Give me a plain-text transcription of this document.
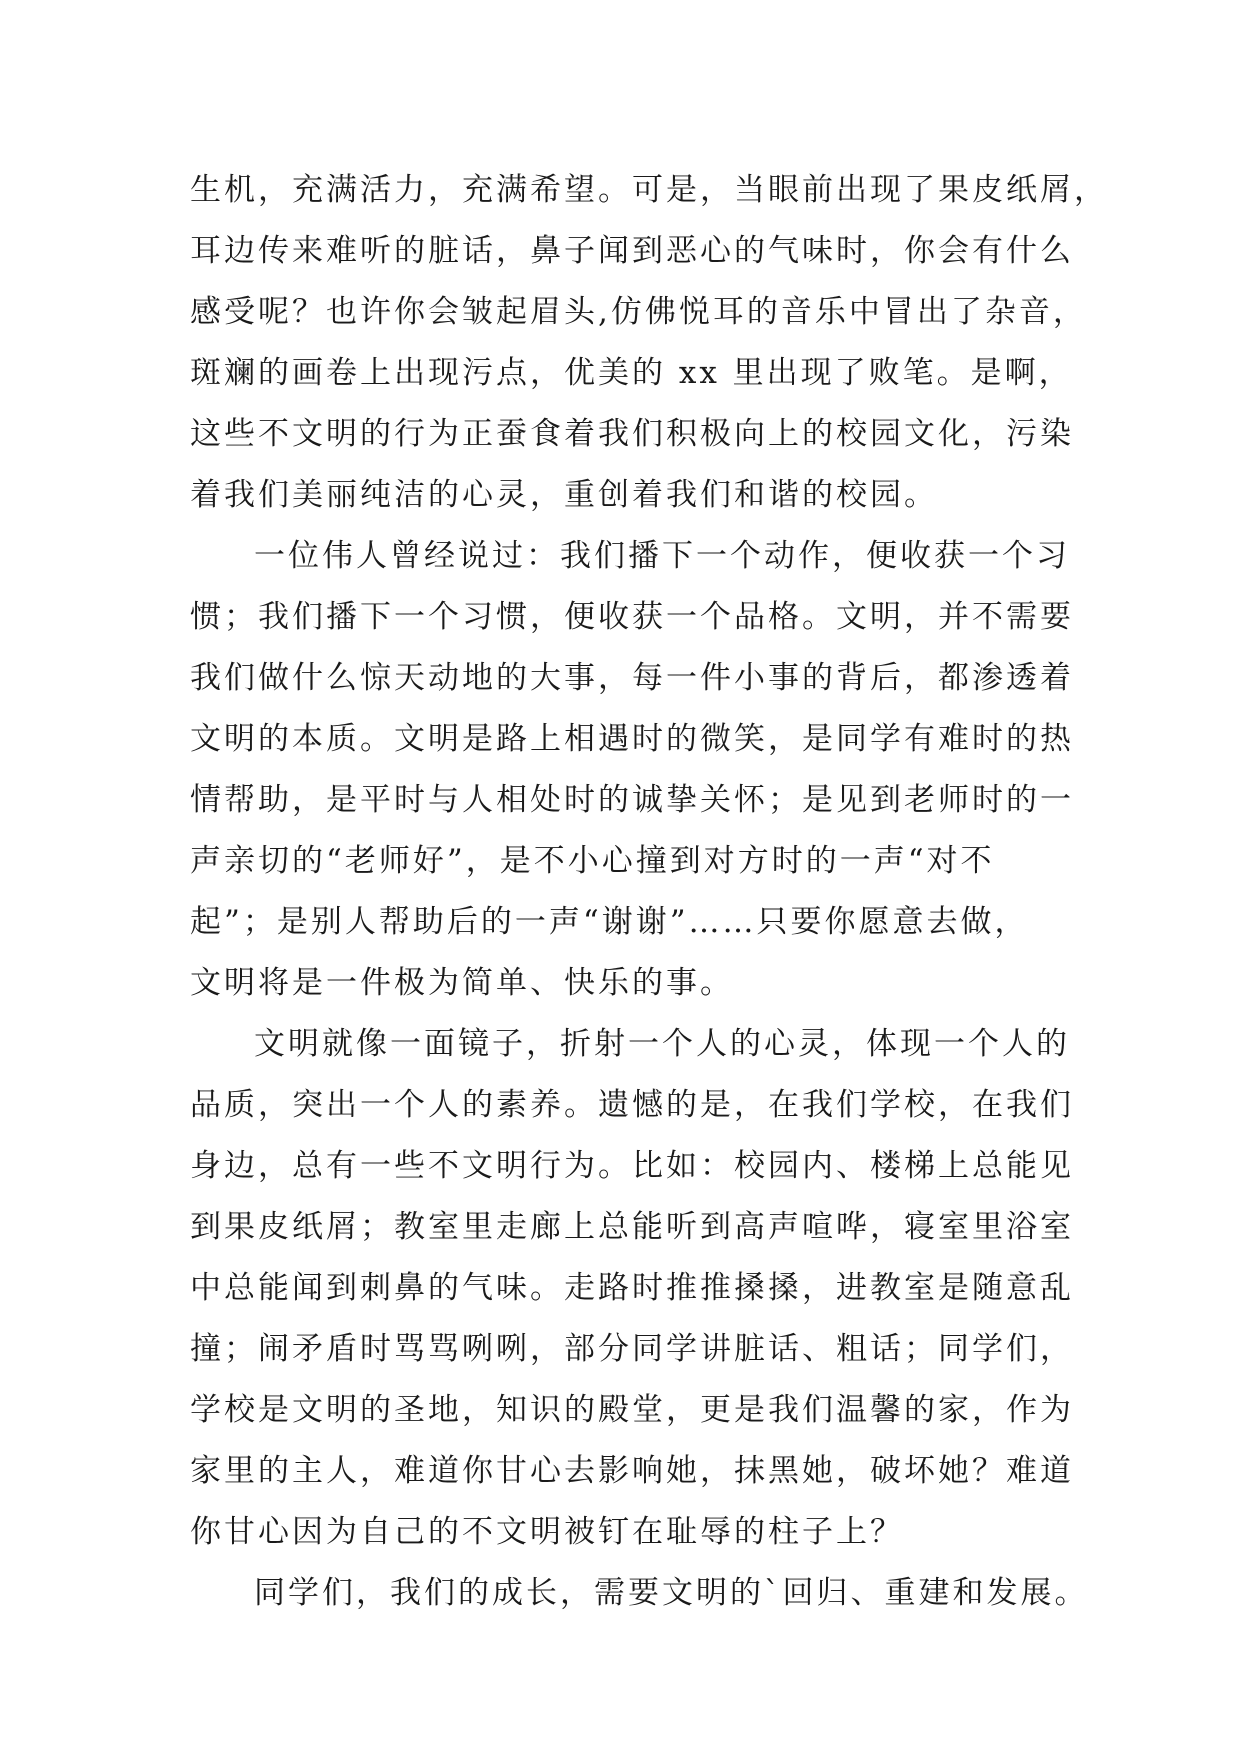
生机，充满活力，充满希望。可是，当眼前出现了果皮纸屑，
耳边传来难听的脏话，鼻子闻到恶心的气味时，你会有什么
感受呢？也许你会皱起眉头,仿佛悦耳的音乐中冒出了杂音，
斑斓的画卷上出现污点，优美的 xx 里出现了败笔。是啊，
这些不文明的行为正蚕食着我们积极向上的校园文化，污染
着我们美丽纯洁的心灵，重创着我们和谐的校园。
一位伟人曾经说过：我们播下一个动作，便收获一个习
惯；我们播下一个习惯，便收获一个品格。文明，并不需要
我们做什么惊天动地的大事，每一件小事的背后，都渗透着
文明的本质。文明是路上相遇时的微笑，是同学有难时的热
情帮助，是平时与人相处时的诚挚关怀；是见到老师时的一
声亲切的“老师好”，是不小心撞到对方时的一声“对不
起”；是别人帮助后的一声“谢谢”……只要你愿意去做，
文明将是一件极为简单、快乐的事。
文明就像一面镜子，折射一个人的心灵，体现一个人的
品质，突出一个人的素养。遗憾的是，在我们学校，在我们
身边，总有一些不文明行为。比如：校园内、楼梯上总能见
到果皮纸屑；教室里走廊上总能听到高声喧哗，寝室里浴室
中总能闻到刺鼻的气味。走路时推推搡搡，进教室是随意乱
撞；闹矛盾时骂骂咧咧，部分同学讲脏话、粗话；同学们，
学校是文明的圣地，知识的殿堂，更是我们温馨的家，作为
家里的主人，难道你甘心去影响她，抹黑她，破坏她？难道
你甘心因为自己的不文明被钉在耻辱的柱子上？
同学们，我们的成长，需要文明的`回归、重建和发展。
